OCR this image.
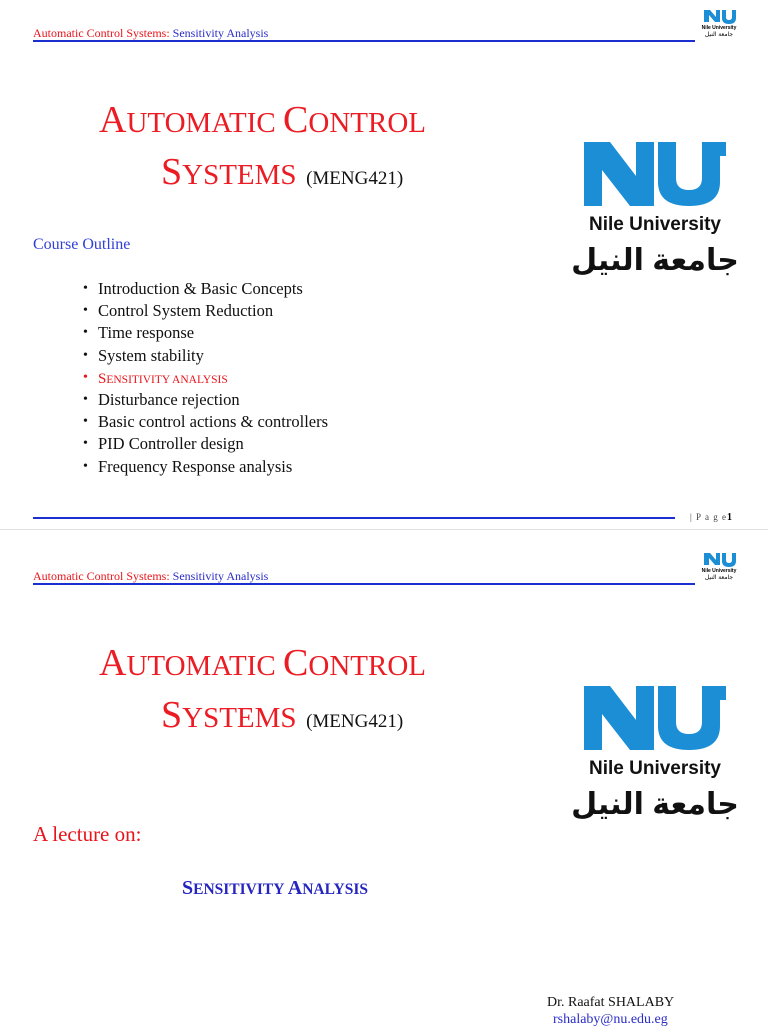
Automatic Control Systems: Sensitivity Analysis	Nile University
جامعة النيل
AUTOMATIC CONTROL
SYSTEMS (MENG421)
Nile University
جامعة النيل
Course Outline
• Introduction & Basic Concepts
• Control System Reduction
• Time response
• System stability
• SENSITIVITY ANALYSIS
• Disturbance rejection
• Basic control actions & controllers
• PID Controller design
• Frequency Response analysis
| P a g e1
Automatic Control Systems: Sensitivity Analysis	Nile University
جامعة النيل
AUTOMATIC CONTROL
SYSTEMS (MENG421)
Nile University
جامعة النيل
A lecture on:
SENSITIVITY ANALYSIS
Dr. Raafat SHALABY
rshalaby@nu.edu.eg
